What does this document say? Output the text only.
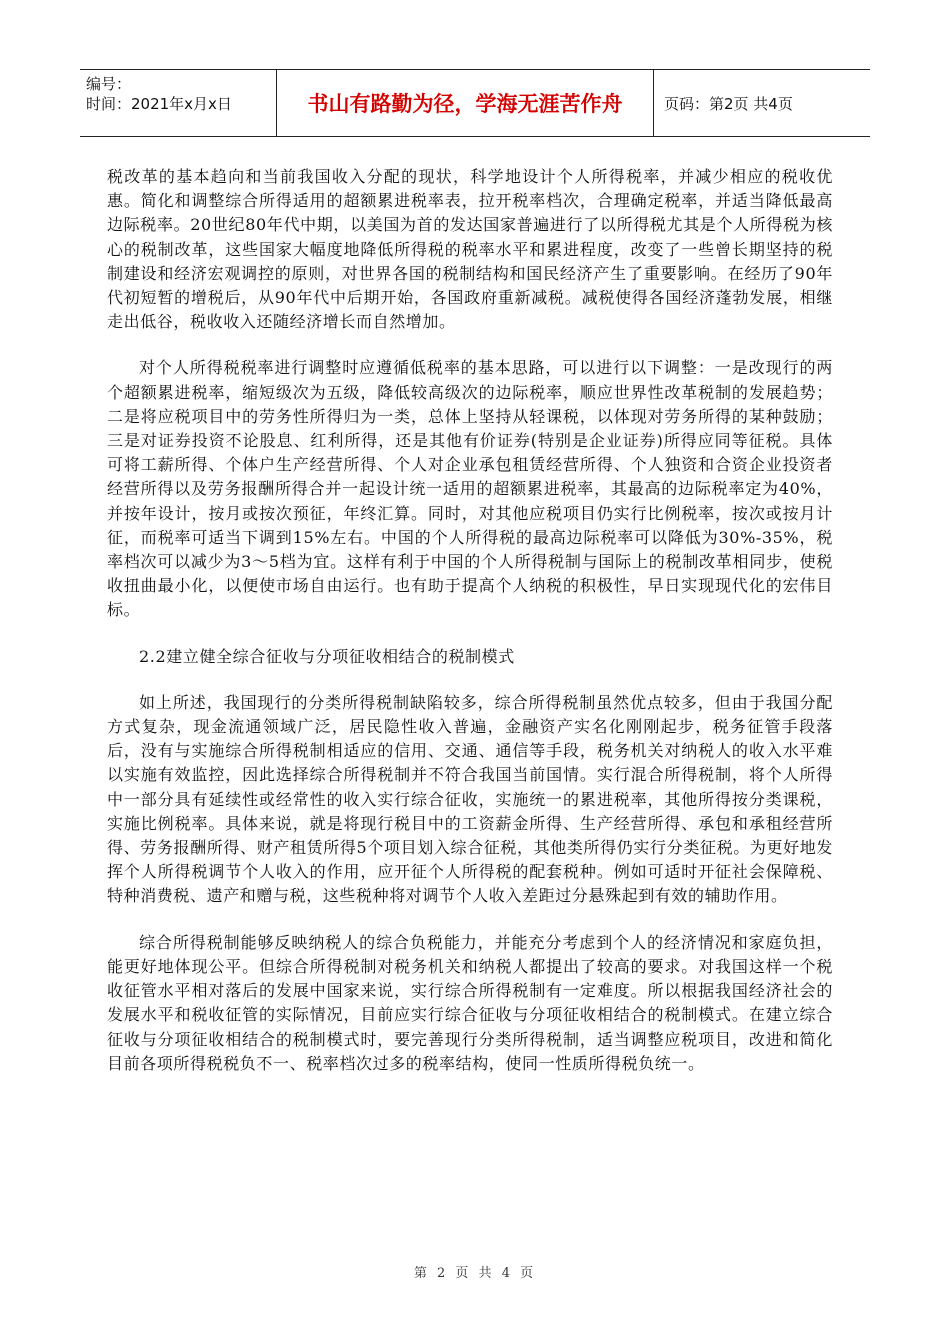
编号：
时间：2021年x月x日	书山有路勤为径，学海无涯苦作舟	页码：第2页 共4页

税改革的基本趋向和当前我国收入分配的现状，科学地设计个人所得税率，并减少相应的税收优惠。简化和调整综合所得适用的超额累进税率表，拉开税率档次，合理确定税率，并适当降低最高边际税率。20世纪80年代中期，以美国为首的发达国家普遍进行了以所得税尤其是个人所得税为核心的税制改革，这些国家大幅度地降低所得税的税率水平和累进程度，改变了一些曾长期坚持的税制建设和经济宏观调控的原则，对世界各国的税制结构和国民经济产生了重要影响。在经历了90年代初短暂的增税后，从90年代中后期开始，各国政府重新减税。减税使得各国经济蓬勃发展，相继走出低谷，税收收入还随经济增长而自然增加。

对个人所得税税率进行调整时应遵循低税率的基本思路，可以进行以下调整：一是改现行的两个超额累进税率，缩短级次为五级，降低较高级次的边际税率，顺应世界性改革税制的发展趋势；二是将应税项目中的劳务性所得归为一类，总体上坚持从轻课税，以体现对劳务所得的某种鼓励；三是对证券投资不论股息、红利所得，还是其他有价证券(特别是企业证券)所得应同等征税。具体可将工薪所得、个体户生产经营所得、个人对企业承包租赁经营所得、个人独资和合资企业投资者经营所得以及劳务报酬所得合并一起设计统一适用的超额累进税率，其最高的边际税率定为40%，并按年设计，按月或按次预征，年终汇算。同时，对其他应税项目仍实行比例税率，按次或按月计征，而税率可适当下调到15%左右。中国的个人所得税的最高边际税率可以降低为30%-35%，税率档次可以减少为3～5档为宜。这样有利于中国的个人所得税制与国际上的税制改革相同步，使税收扭曲最小化，以便使市场自由运行。也有助于提高个人纳税的积极性，早日实现现代化的宏伟目标。

2.2建立健全综合征收与分项征收相结合的税制模式

如上所述，我国现行的分类所得税制缺陷较多，综合所得税制虽然优点较多，但由于我国分配方式复杂，现金流通领域广泛，居民隐性收入普遍，金融资产实名化刚刚起步，税务征管手段落后，没有与实施综合所得税制相适应的信用、交通、通信等手段，税务机关对纳税人的收入水平难以实施有效监控，因此选择综合所得税制并不符合我国当前国情。实行混合所得税制，将个人所得中一部分具有延续性或经常性的收入实行综合征收，实施统一的累进税率，其他所得按分类课税，实施比例税率。具体来说，就是将现行税目中的工资薪金所得、生产经营所得、承包和承租经营所得、劳务报酬所得、财产租赁所得5个项目划入综合征税，其他类所得仍实行分类征税。为更好地发挥个人所得税调节个人收入的作用，应开征个人所得税的配套税种。例如可适时开征社会保障税、特种消费税、遗产和赠与税，这些税种将对调节个人收入差距过分悬殊起到有效的辅助作用。

综合所得税制能够反映纳税人的综合负税能力，并能充分考虑到个人的经济情况和家庭负担，能更好地体现公平。但综合所得税制对税务机关和纳税人都提出了较高的要求。对我国这样一个税收征管水平相对落后的发展中国家来说，实行综合所得税制有一定难度。所以根据我国经济社会的发展水平和税收征管的实际情况，目前应实行综合征收与分项征收相结合的税制模式。在建立综合征收与分项征收相结合的税制模式时，要完善现行分类所得税制，适当调整应税项目，改进和简化目前各项所得税税负不一、税率档次过多的税率结构，使同一性质所得税负统一。

第 2 页 共 4 页
